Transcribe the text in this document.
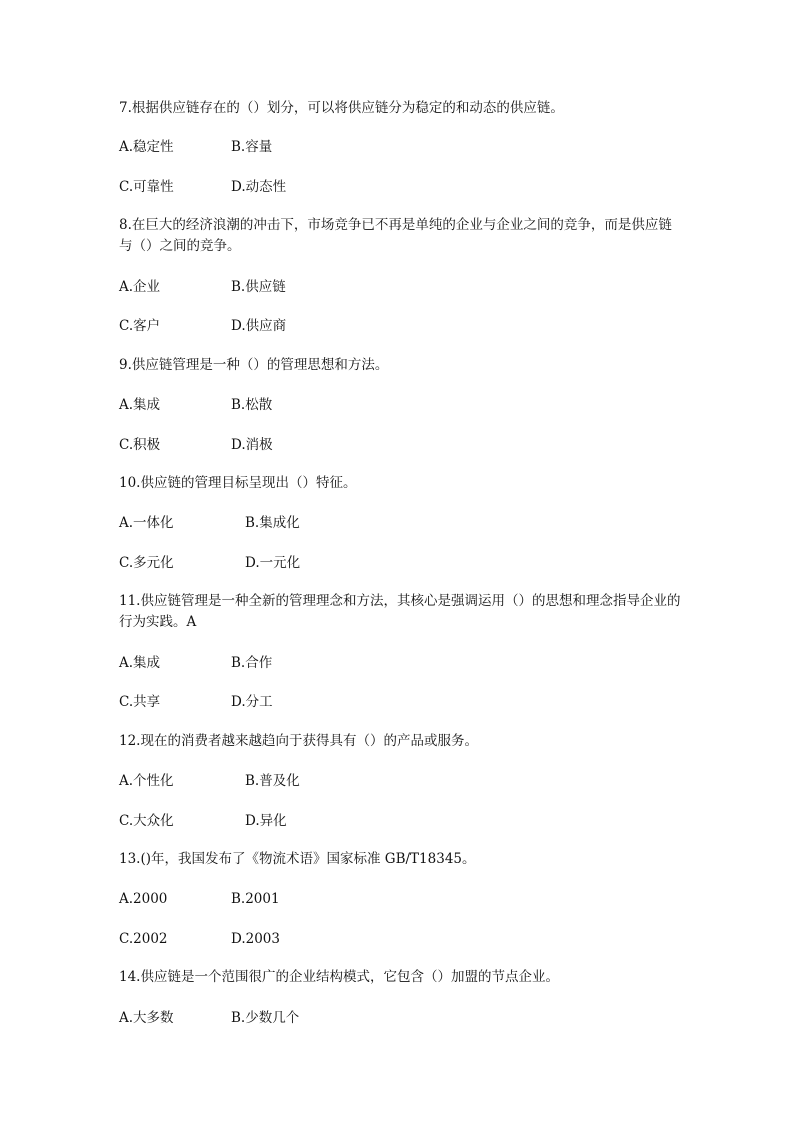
7.根据供应链存在的（）划分，可以将供应链分为稳定的和动态的供应链。
A.稳定性	B.容量
C.可靠性	D.动态性
8.在巨大的经济浪潮的冲击下，市场竞争已不再是单纯的企业与企业之间的竞争，而是供应链与（）之间的竞争。
A.企业	B.供应链
C.客户	D.供应商
9.供应链管理是一种（）的管理思想和方法。
A.集成	B.松散
C.积极	D.消极
10.供应链的管理目标呈现出（）特征。
A.一体化	B.集成化
C.多元化	D.一元化
11.供应链管理是一种全新的管理理念和方法，其核心是强调运用（）的思想和理念指导企业的行为实践。A
A.集成	B.合作
C.共享	D.分工
12.现在的消费者越来越趋向于获得具有（）的产品或服务。
A.个性化	B.普及化
C.大众化	D.异化
13.()年，我国发布了《物流术语》国家标准 GB/T18345。
A.2000	B.2001
C.2002	D.2003
14.供应链是一个范围很广的企业结构模式，它包含（）加盟的节点企业。
A.大多数	B.少数几个
